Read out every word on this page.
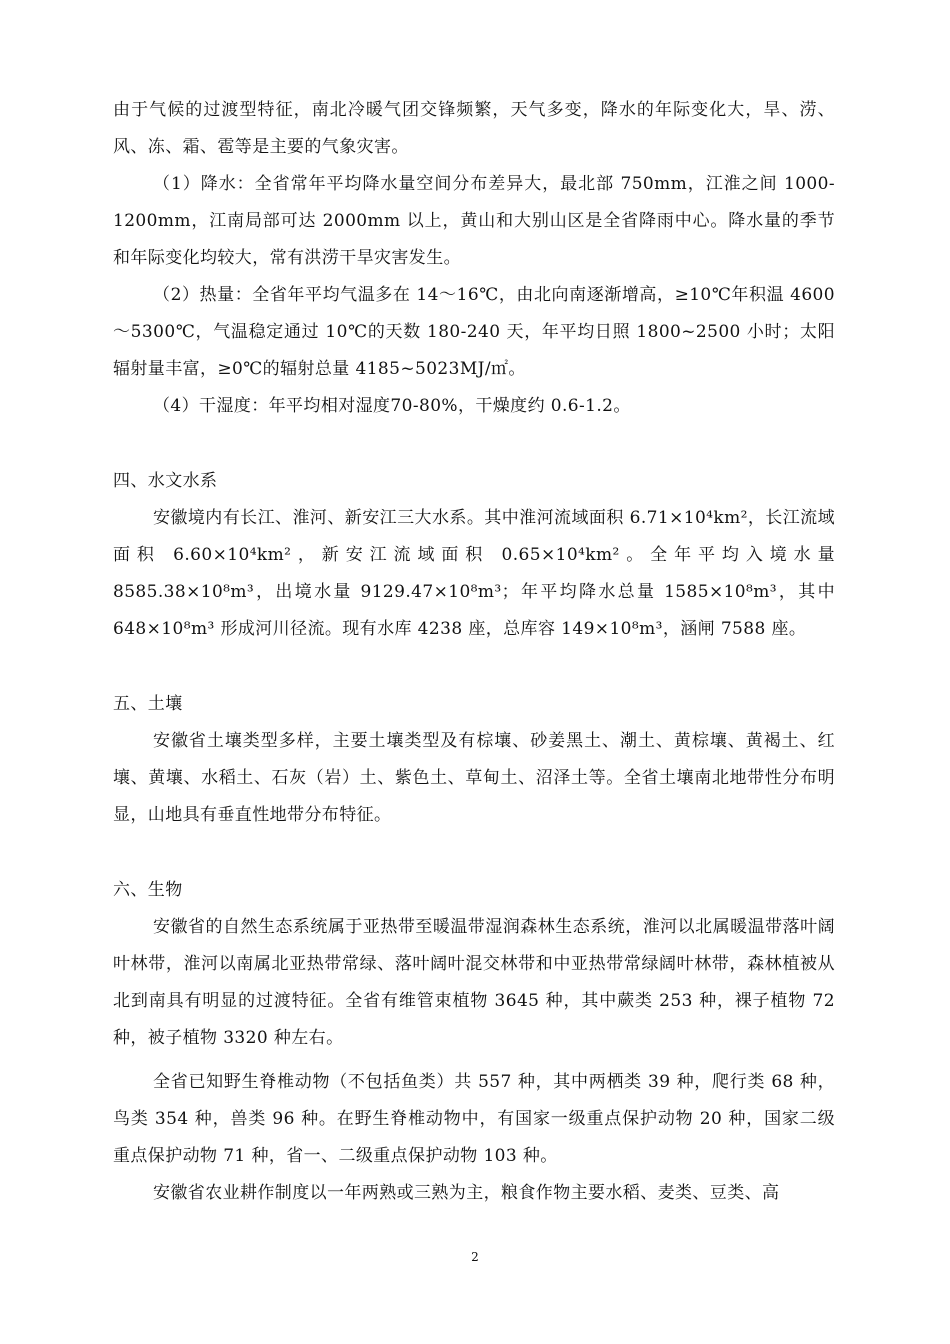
由于气候的过渡型特征，南北冷暖气团交锋频繁，天气多变，降水的年际变化大，旱、涝、风、冻、霜、雹等是主要的气象灾害。

（1）降水：全省常年平均降水量空间分布差异大，最北部 750mm，江淮之间 1000-1200mm，江南局部可达 2000mm 以上，黄山和大别山区是全省降雨中心。降水量的季节和年际变化均较大，常有洪涝干旱灾害发生。

（2）热量：全省年平均气温多在 14～16℃，由北向南逐渐增高，≥10℃年积温 4600～5300℃，气温稳定通过 10℃的天数 180-240 天，年平均日照 1800~2500 小时；太阳辐射量丰富，≥0℃的辐射总量 4185~5023MJ/㎡。

（4）干湿度：年平均相对湿度70-80%，干燥度约 0.6-1.2。

四、水文水系

安徽境内有长江、淮河、新安江三大水系。其中淮河流域面积 6.71×10⁴km²，长江流域面积 6.60×10⁴km²，新安江流域面积 0.65×10⁴km²。全年平均入境水量 8585.38×10⁸m³，出境水量 9129.47×10⁸m³；年平均降水总量 1585×10⁸m³，其中 648×10⁸m³ 形成河川径流。现有水库 4238 座，总库容 149×10⁸m³，涵闸 7588 座。

五、土壤

安徽省土壤类型多样，主要土壤类型及有棕壤、砂姜黑土、潮土、黄棕壤、黄褐土、红壤、黄壤、水稻土、石灰（岩）土、紫色土、草甸土、沼泽土等。全省土壤南北地带性分布明显，山地具有垂直性地带分布特征。

六、生物

安徽省的自然生态系统属于亚热带至暖温带湿润森林生态系统，淮河以北属暖温带落叶阔叶林带，淮河以南属北亚热带常绿、落叶阔叶混交林带和中亚热带常绿阔叶林带，森林植被从北到南具有明显的过渡特征。全省有维管束植物 3645 种，其中蕨类 253 种，裸子植物 72 种，被子植物 3320 种左右。

全省已知野生脊椎动物（不包括鱼类）共 557 种，其中两栖类 39 种，爬行类 68 种，鸟类 354 种，兽类 96 种。在野生脊椎动物中，有国家一级重点保护动物 20 种，国家二级重点保护动物 71 种，省一、二级重点保护动物 103 种。

安徽省农业耕作制度以一年两熟或三熟为主，粮食作物主要水稻、麦类、豆类、高

2
